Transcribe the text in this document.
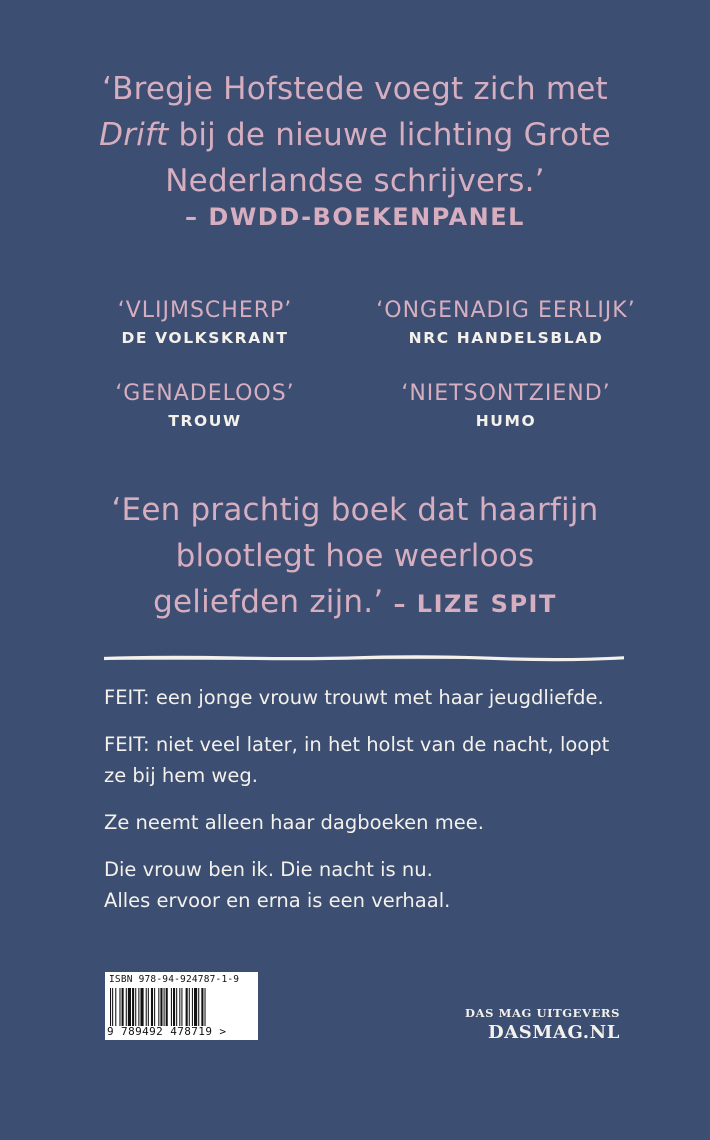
‘Bregje Hofstede voegt zich met
Drift bij de nieuwe lichting Grote
Nederlandse schrijvers.’
– DWDD-BOEKENPANEL
‘VLIJMSCHERP’
DE VOLKSKRANT
‘ONGENADIG EERLIJK’
NRC HANDELSBLAD
‘GENADELOOS’
TROUW
‘NIETSONTZIEND’
HUMO
‘Een prachtig boek dat haarfijn
blootlegt hoe weerloos
geliefden zijn.’ – LIZE SPIT

FEIT: een jonge vrouw trouwt met haar jeugdliefde.

FEIT: niet veel later, in het holst van de nacht, loopt
ze bij hem weg.

Ze neemt alleen haar dagboeken mee.

Die vrouw ben ik. Die nacht is nu.
Alles ervoor en erna is een verhaal.

ISBN 978-94-924787-1-9
9 789492 478719 >
DAS MAG UITGEVERS
DASMAG.NL
